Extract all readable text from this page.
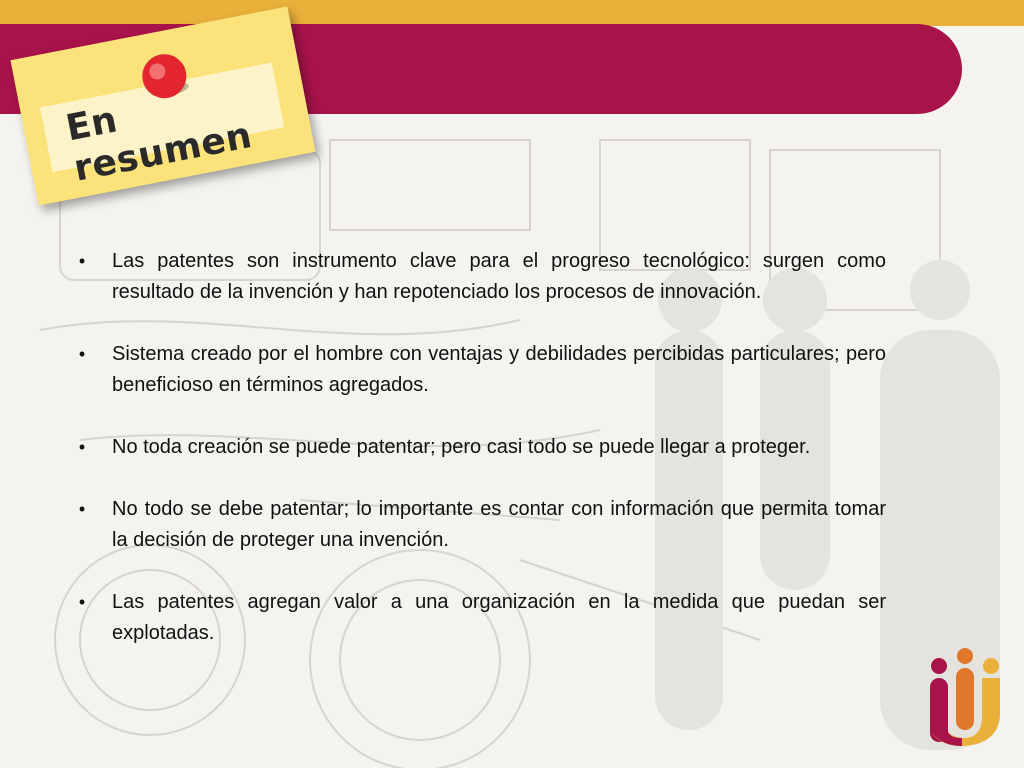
En resumen
•	Las patentes son instrumento clave para el progreso tecnológico: surgen como resultado de la invención y han repotenciado los procesos de innovación.
•	Sistema creado por el hombre con ventajas y debilidades percibidas particulares; pero beneficioso en términos agregados.
•	No toda creación se puede patentar; pero casi todo se puede llegar a proteger.
•	No todo se debe patentar; lo importante es contar con información que permita tomar la decisión de proteger una invención.
•	Las patentes agregan valor a una organización en la medida que puedan ser explotadas.
